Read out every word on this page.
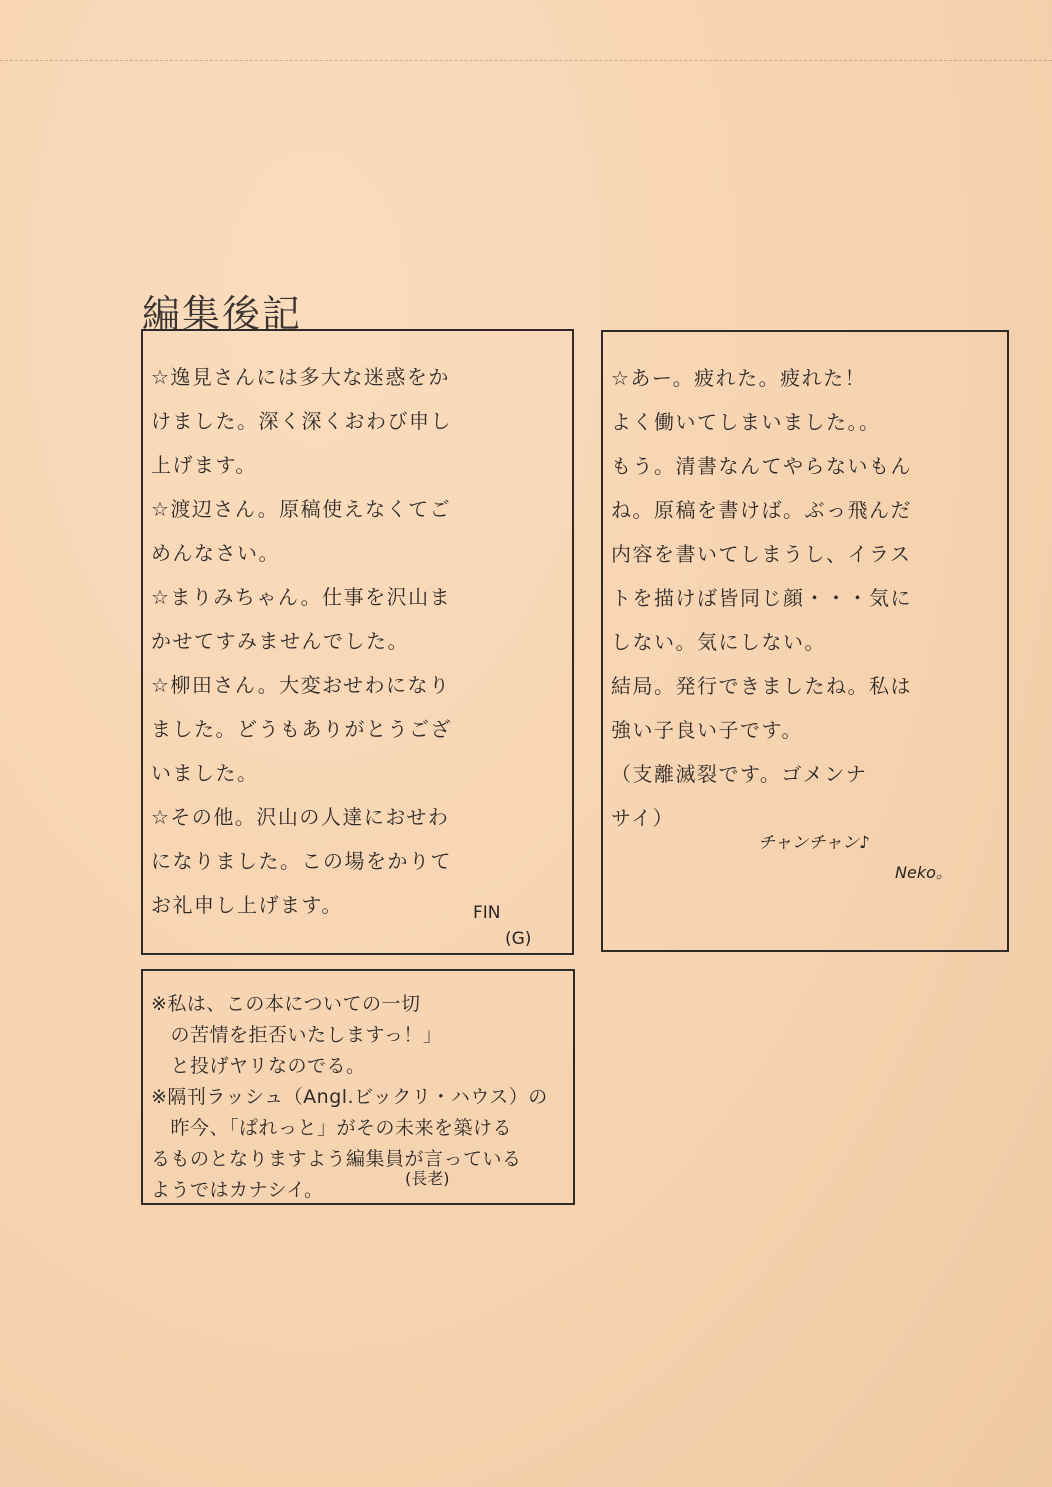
編集後記
☆逸見さんには多大な迷惑をか
けました。深く深くおわび申し
上げます。
☆渡辺さん。原稿使えなくてご
めんなさい。
☆まりみちゃん。仕事を沢山ま
かせてすみませんでした。
☆柳田さん。大変おせわになり
ました。どうもありがとうござ
いました。
☆その他。沢山の人達におせわ
になりました。この場をかりて
お礼申し上げます。	FIN
(G)
☆あー。疲れた。疲れた！
よく働いてしまいました。。
もう。清書なんてやらないもん
ね。原稿を書けば。ぶっ飛んだ
内容を書いてしまうし、イラス
トを描けば皆同じ顔・・・気に
しない。気にしない。
結局。発行できましたね。私は
強い子良い子です。
（支離滅裂です。ゴメンナ
サイ）
チャンチャン♪
Neko。
※私は、この本についての一切
　の苦情を拒否いたしますっ！」
　と投げヤリなのでる。
※隔刊ラッシュ（Angl.ビックリ・ハウス）の
　昨今、「ぱれっと」がその未来を築ける
るものとなりますよう編集員が言っている
ようではカナシイ。
(長老)
